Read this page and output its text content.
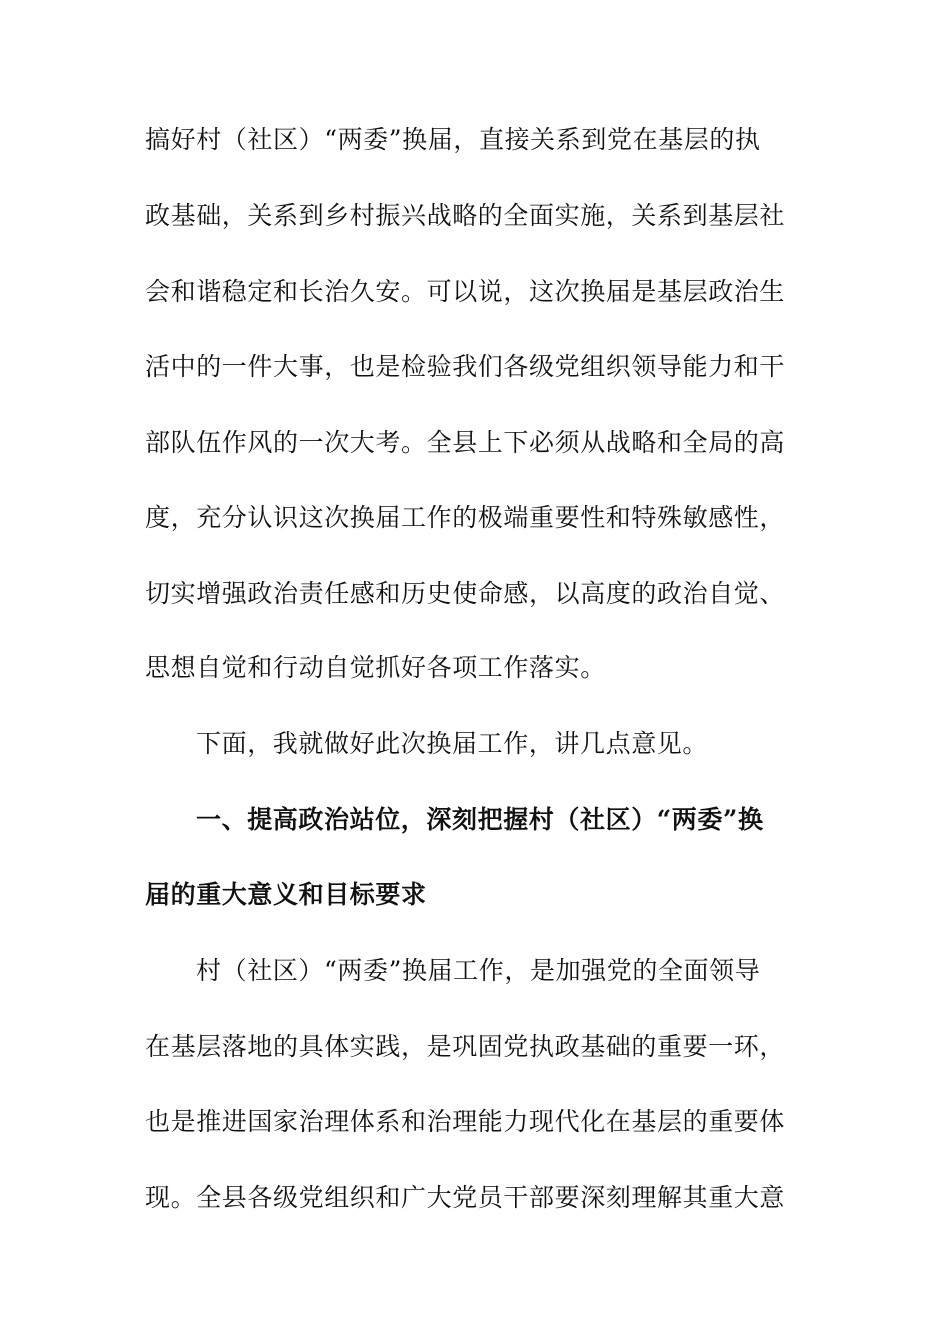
搞好村（社区）“两委”换届，直接关系到党在基层的执
政基础，关系到乡村振兴战略的全面实施，关系到基层社
会和谐稳定和长治久安。可以说，这次换届是基层政治生
活中的一件大事，也是检验我们各级党组织领导能力和干
部队伍作风的一次大考。全县上下必须从战略和全局的高
度，充分认识这次换届工作的极端重要性和特殊敏感性，
切实增强政治责任感和历史使命感，以高度的政治自觉、
思想自觉和行动自觉抓好各项工作落实。
下面，我就做好此次换届工作，讲几点意见。
一、提高政治站位，深刻把握村（社区）“两委”换
届的重大意义和目标要求
村（社区）“两委”换届工作，是加强党的全面领导
在基层落地的具体实践，是巩固党执政基础的重要一环，
也是推进国家治理体系和治理能力现代化在基层的重要体
现。全县各级党组织和广大党员干部要深刻理解其重大意
